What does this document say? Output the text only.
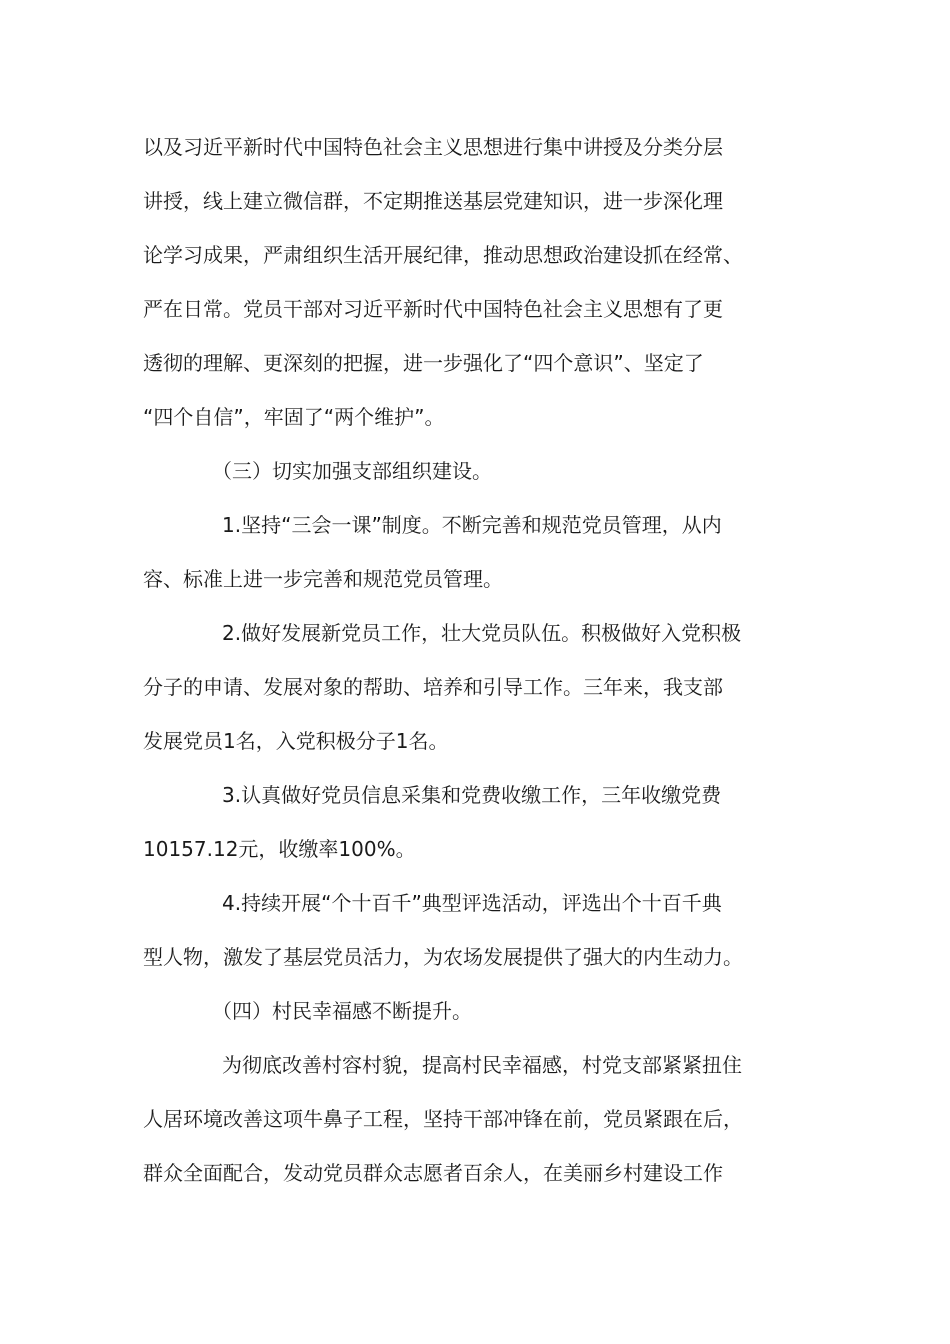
以及习近平新时代中国特色社会主义思想进行集中讲授及分类分层
讲授，线上建立微信群，不定期推送基层党建知识，进一步深化理
论学习成果，严肃组织生活开展纪律，推动思想政治建设抓在经常、
严在日常。党员干部对习近平新时代中国特色社会主义思想有了更
透彻的理解、更深刻的把握，进一步强化了“四个意识”、坚定了
“四个自信”，牢固了“两个维护”。
（三）切实加强支部组织建设。
1.坚持“三会一课”制度。不断完善和规范党员管理，从内
容、标准上进一步完善和规范党员管理。
2.做好发展新党员工作，壮大党员队伍。积极做好入党积极
分子的申请、发展对象的帮助、培养和引导工作。三年来，我支部
发展党员1名，入党积极分子1名。
3.认真做好党员信息采集和党费收缴工作，三年收缴党费
10157.12元，收缴率100%。
4.持续开展“个十百千”典型评选活动，评选出个十百千典
型人物，激发了基层党员活力，为农场发展提供了强大的内生动力。
（四）村民幸福感不断提升。
为彻底改善村容村貌，提高村民幸福感，村党支部紧紧扭住
人居环境改善这项牛鼻子工程，坚持干部冲锋在前，党员紧跟在后，
群众全面配合，发动党员群众志愿者百余人，在美丽乡村建设工作
